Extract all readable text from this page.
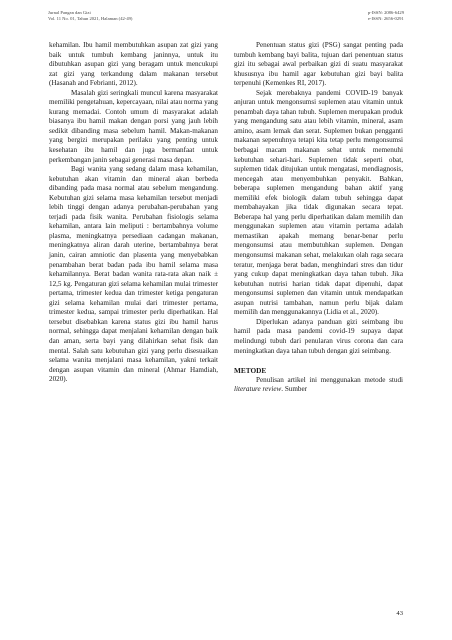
Jurnal Pangan dan Gizi
Vol. 11 No. 01, Tahun 2021, Halaman (42-49)
p-ISSN: 2086-6429
e-ISSN: 2656-0291

kehamilan. Ibu hamil membutuhkan asupan zat gizi yang baik untuk tumbuh kembang janinnya, untuk itu dibutuhkan asupan gizi yang beragam untuk mencukupi zat gizi yang terkandung dalam makanan tersebut (Hasanah and Febrianti, 2012).

Masalah gizi seringkali muncul karena masyarakat memiliki pengetahuan, kepercayaan, nilai atau norma yang kurang memadai. Contoh umum di masyarakat adalah biasanya ibu hamil makan dengan porsi yang jauh lebih sedikit dibanding masa sebelum hamil. Makan-makanan yang bergizi merupakan perilaku yang penting untuk kesehatan ibu hamil dan juga bermanfaat untuk perkembangan janin sebagai generasi masa depan.

Bagi wanita yang sedang dalam masa kehamilan, kebutuhan akan vitamin dan mineral akan berbeda dibanding pada masa normal atau sebelum mengandung. Kebutuhan gizi selama masa kehamilan tersebut menjadi lebih tinggi dengan adanya perubahan-perubahan yang terjadi pada fisik wanita. Perubahan fisiologis selama kehamilan, antara lain meliputi : bertambahnya volume plasma, meningkatnya persediaan cadangan makanan, meningkatnya aliran darah uterine, bertambahnya berat janin, cairan amniotic dan plasenta yang menyebabkan penambahan berat badan pada ibu hamil selama masa kehamilannya. Berat badan wanita rata-rata akan naik ± 12,5 kg. Pengaturan gizi selama kehamilan mulai trimester pertama, trimester kedua dan trimester ketiga pengaturan gizi selama kehamilan mulai dari trimester pertama, trimester kedua, sampai trimester perlu diperhatikan. Hal tersebut disebabkan karena status gizi ibu hamil harus normal, sehingga dapat menjalani kehamilan dengan baik dan aman, serta bayi yang dilahirkan sehat fisik dan mental. Salah satu kebutuhan gizi yang perlu disesuaikan selama wanita menjalani masa kehamilan, yakni terkait dengan asupan vitamin dan mineral (Ahmar Hamdiah, 2020).

Penentuan status gizi (PSG) sangat penting pada tumbuh kembang bayi balita, tujuan dari penentuan status gizi itu sebagai awal perbaikan gizi di suatu masyarakat khususnya ibu hamil agar kebutuhan gizi bayi balita terpenuhi (Kemenkes RI, 2017).

Sejak merebaknya pandemi COVID-19 banyak anjuran untuk mengonsumsi suplemen atau vitamin untuk penambah daya tahan tubuh. Suplemen merupakan produk yang mengandung satu atau lebih vitamin, mineral, asam amino, asam lemak dan serat. Suplemen bukan pengganti makanan sepenuhnya tetapi kita tetap perlu mengonsumsi berbagai macam makanan sehat untuk memenuhi kebutuhan sehari-hari. Suplemen tidak seperti obat, suplemen tidak ditujukan untuk mengatasi, mendiagnosis, mencegah atau menyembuhkan penyakit. Bahkan, beberapa suplemen mengandung bahan aktif yang memiliki efek biologik dalam tubuh sehingga dapat membahayakan jika tidak digunakan secara tepat. Beberapa hal yang perlu diperhatikan dalam memilih dan menggunakan suplemen atau vitamin pertama adalah memastikan apakah memang benar-benar perlu mengonsumsi atau membutuhkan suplemen. Dengan mengonsumsi makanan sehat, melakukan olah raga secara teratur, menjaga berat badan, menghindari stres dan tidur yang cukup dapat meningkatkan daya tahan tubuh. Jika kebutuhan nutrisi harian tidak dapat dipenuhi, dapat mengonsumsi suplemen dan vitamin untuk mendapatkan asupan nutrisi tambahan, namun perlu bijak dalam memilih dan menggunakannya (Lidia et al., 2020).

Diperlukan adanya panduan gizi seimbang ibu hamil pada masa pandemi covid-19 supaya dapat melindungi tubuh dari penularan virus corona dan cara meningkatkan daya tahan tubuh dengan gizi seimbang.

METODE

Penulisan artikel ini menggunakan metode studi literature review. Sumber

43
